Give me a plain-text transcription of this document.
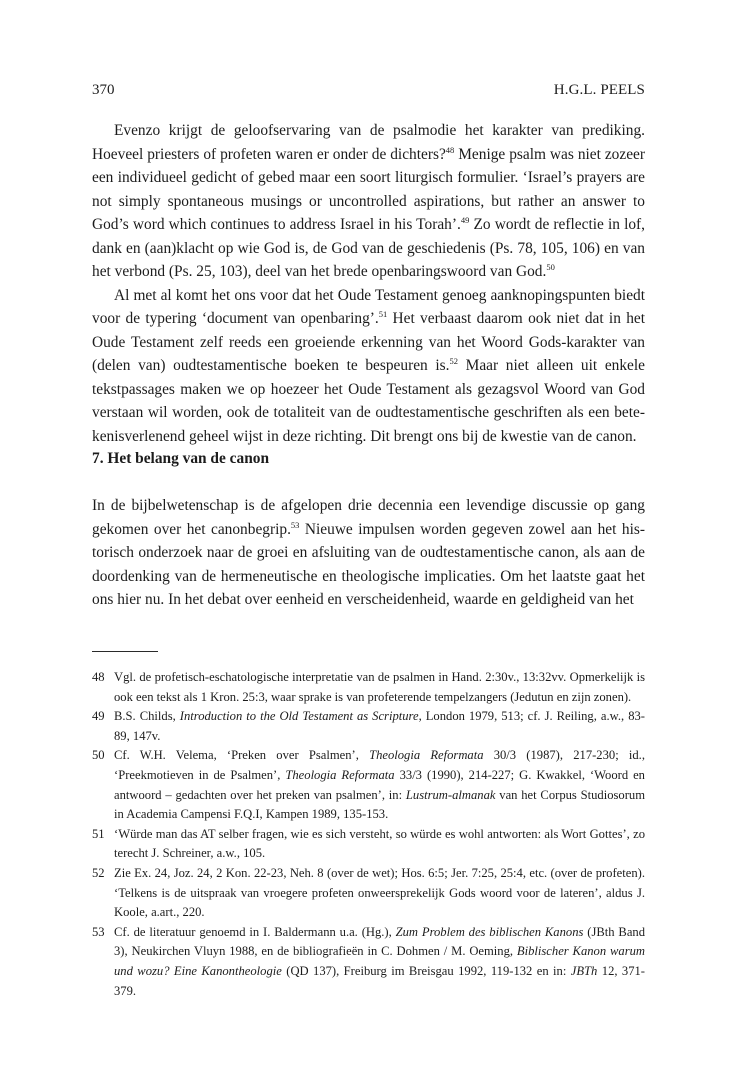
370	H.G.L. PEELS

Evenzo krijgt de geloofservaring van de psalmodie het karakter van prediking. Hoeveel priesters of profeten waren er onder de dichters?$^{48}$ Menige psalm was niet zozeer een individueel gedicht of gebed maar een soort liturgisch formulier. ‘Israel’s prayers are not simply spontaneous musings or uncontrolled aspirations, but rather an answer to God’s word which continues to address Israel in his Torah’.$^{49}$ Zo wordt de reflectie in lof, dank en (aan)klacht op wie God is, de God van de geschiedenis (Ps. 78, 105, 106) en van het verbond (Ps. 25, 103), deel van het brede openbaringswoord van God.$^{50}$

Al met al komt het ons voor dat het Oude Testament genoeg aanknopingspunten biedt voor de typering ‘document van openbaring’.$^{51}$ Het verbaast daarom ook niet dat in het Oude Testament zelf reeds een groeiende erkenning van het Woord Gods-karakter van (delen van) oudtestamentische boeken te bespeuren is.$^{52}$ Maar niet alleen uit enkele tekstpassages maken we op hoezeer het Oude Testament als gezagsvol Woord van God verstaan wil worden, ook de totaliteit van de oudtestamentische geschriften als een betekenisverlenend geheel wijst in deze richting. Dit brengt ons bij de kwestie van de canon.

7. Het belang van de canon

In de bijbelwetenschap is de afgelopen drie decennia een levendige discussie op gang gekomen over het canonbegrip.$^{53}$ Nieuwe impulsen worden gegeven zowel aan het historisch onderzoek naar de groei en afsluiting van de oudtestamentische canon, als aan de doordenking van de hermeneutische en theologische implicaties. Om het laatste gaat het ons hier nu. In het debat over eenheid en verscheidenheid, waarde en geldigheid van het

48 Vgl. de profetisch-eschatologische interpretatie van de psalmen in Hand. 2:30v., 13:32vv. Opmerkelijk is ook een tekst als 1 Kron. 25:3, waar sprake is van profeterende tempelzangers (Jedutun en zijn zonen).

49 B.S. Childs, Introduction to the Old Testament as Scripture, London 1979, 513; cf. J. Reiling, a.w., 83-89, 147v.

50 Cf. W.H. Velema, ‘Preken over Psalmen’, Theologia Reformata 30/3 (1987), 217-230; id., ‘Preekmotieven in de Psalmen’, Theologia Reformata 33/3 (1990), 214-227; G. Kwakkel, ‘Woord en antwoord – gedachten over het preken van psalmen’, in: Lustrum-almanak van het Corpus Studiosorum in Academia Campensi F.Q.I, Kampen 1989, 135-153.

51 ‘Würde man das AT selber fragen, wie es sich versteht, so würde es wohl antworten: als Wort Gottes’, zo terecht J. Schreiner, a.w., 105.

52 Zie Ex. 24, Joz. 24, 2 Kon. 22-23, Neh. 8 (over de wet); Hos. 6:5; Jer. 7:25, 25:4, etc. (over de profeten). ‘Telkens is de uitspraak van vroegere profeten onweersprekelijk Gods woord voor de lateren’, aldus J. Koole, a.art., 220.

53 Cf. de literatuur genoemd in I. Baldermann u.a. (Hg.), Zum Problem des biblischen Kanons (JBth Band 3), Neukirchen Vluyn 1988, en de bibliografieën in C. Dohmen / M. Oeming, Biblischer Kanon warum und wozu? Eine Kanontheologie (QD 137), Freiburg im Breisgau 1992, 119-132 en in: JBTh 12, 371-379.
